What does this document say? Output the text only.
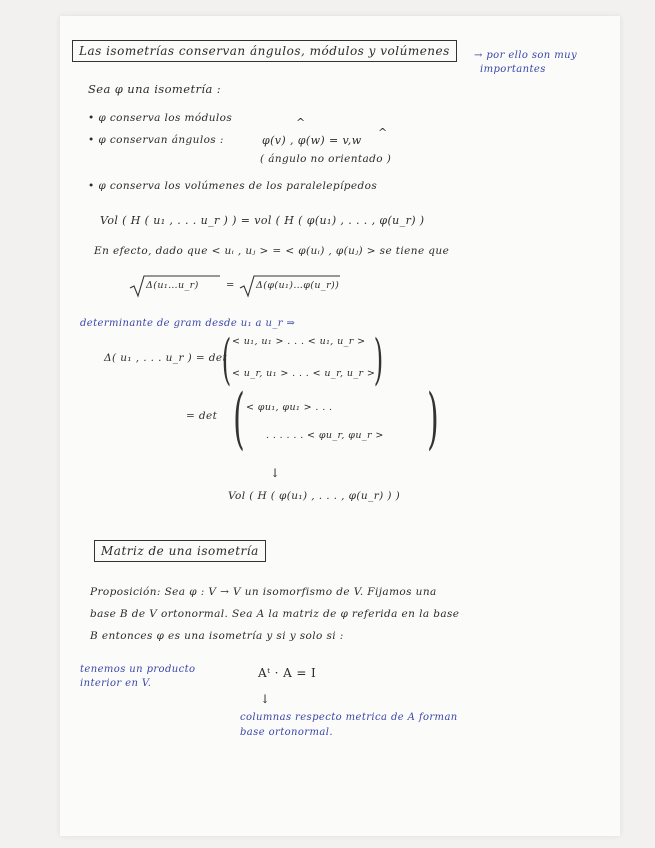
Las isometrías conservan ángulos, módulos y volúmenes	→ por ello son muy
importantes
Sea φ una isometría :
• φ conserva los módulos
• φ conservan ángulos :	φ(v) , φ(w) = v,w
^
^
( ángulo no orientado )
• φ conserva los volúmenes de los paralelepípedos
Vol ( H ( u₁ , . . . u_r ) ) = vol ( H ( φ(u₁) , . . . , φ(u_r) )
En efecto, dado que < uᵢ , uⱼ > = < φ(uᵢ) , φ(uⱼ) > se tiene que
Δ(u₁…u_r)	= Δ(φ(u₁)…φ(u_r))
determinante de gram desde u₁ a u_r ⇒
Δ( u₁ , . . . u_r ) = det
(	)
< u₁, u₁ > . . . < u₁, u_r >
< u_r, u₁ > . . . < u_r, u_r >
= det (	)
< φu₁, φu₁ > . . .
. . . . . . < φu_r, φu_r >
↓
Vol ( H ( φ(u₁) , . . . , φ(u_r) ) )
Matriz de una isometría
Proposición: Sea φ : V → V un isomorfismo de V. Fijamos una
base B de V ortonormal. Sea A la matriz de φ referida en la base
B entonces φ es una isometría y si y solo si :
tenemos un producto
interior en V.
Aᵗ · A = I
↓
columnas respecto metrica de A forman
base ortonormal.
